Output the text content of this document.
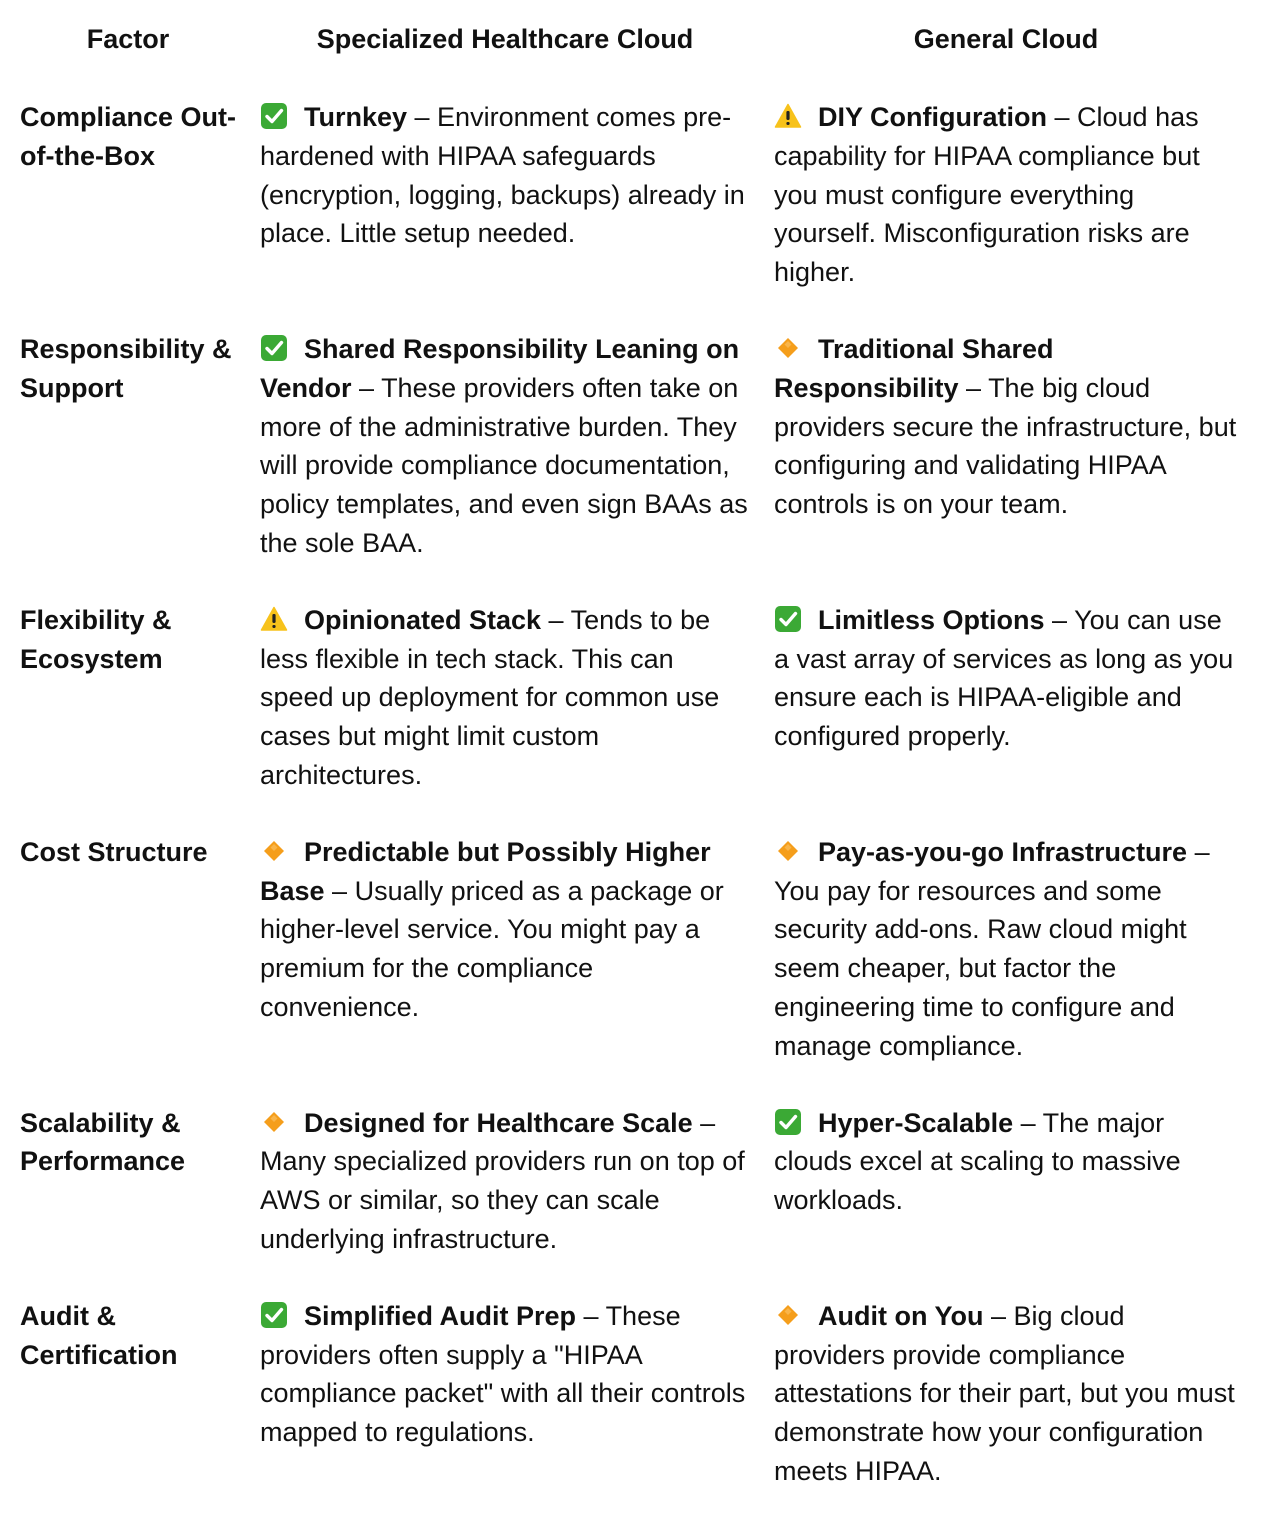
Factor	Specialized Healthcare Cloud	General Cloud
Compliance Out-of-the-Box	Turnkey – Environment comes pre-hardened with HIPAA safeguards (encryption, logging, backups) already in place. Little setup needed.	DIY Configuration – Cloud has capability for HIPAA compliance but you must configure everything yourself. Misconfiguration risks are higher.
Responsibility & Support	Shared Responsibility Leaning on Vendor – These providers often take on more of the administrative burden. They will provide compliance documentation, policy templates, and even sign BAAs as the sole BAA.	Traditional Shared Responsibility – The big cloud providers secure the infrastructure, but configuring and validating HIPAA controls is on your team.
Flexibility & Ecosystem	Opinionated Stack – Tends to be less flexible in tech stack. This can speed up deployment for common use cases but might limit custom architectures.	Limitless Options – You can use a vast array of services as long as you ensure each is HIPAA-eligible and configured properly.
Cost Structure	Predictable but Possibly Higher Base – Usually priced as a package or higher-level service. You might pay a premium for the compliance convenience.	Pay-as-you-go Infrastructure – You pay for resources and some security add-ons. Raw cloud might seem cheaper, but factor the engineering time to configure and manage compliance.
Scalability & Performance	Designed for Healthcare Scale – Many specialized providers run on top of AWS or similar, so they can scale underlying infrastructure.	Hyper-Scalable – The major clouds excel at scaling to massive workloads.
Audit & Certification	Simplified Audit Prep – These providers often supply a "HIPAA compliance packet" with all their controls mapped to regulations.	Audit on You – Big cloud providers provide compliance attestations for their part, but you must demonstrate how your configuration meets HIPAA.
